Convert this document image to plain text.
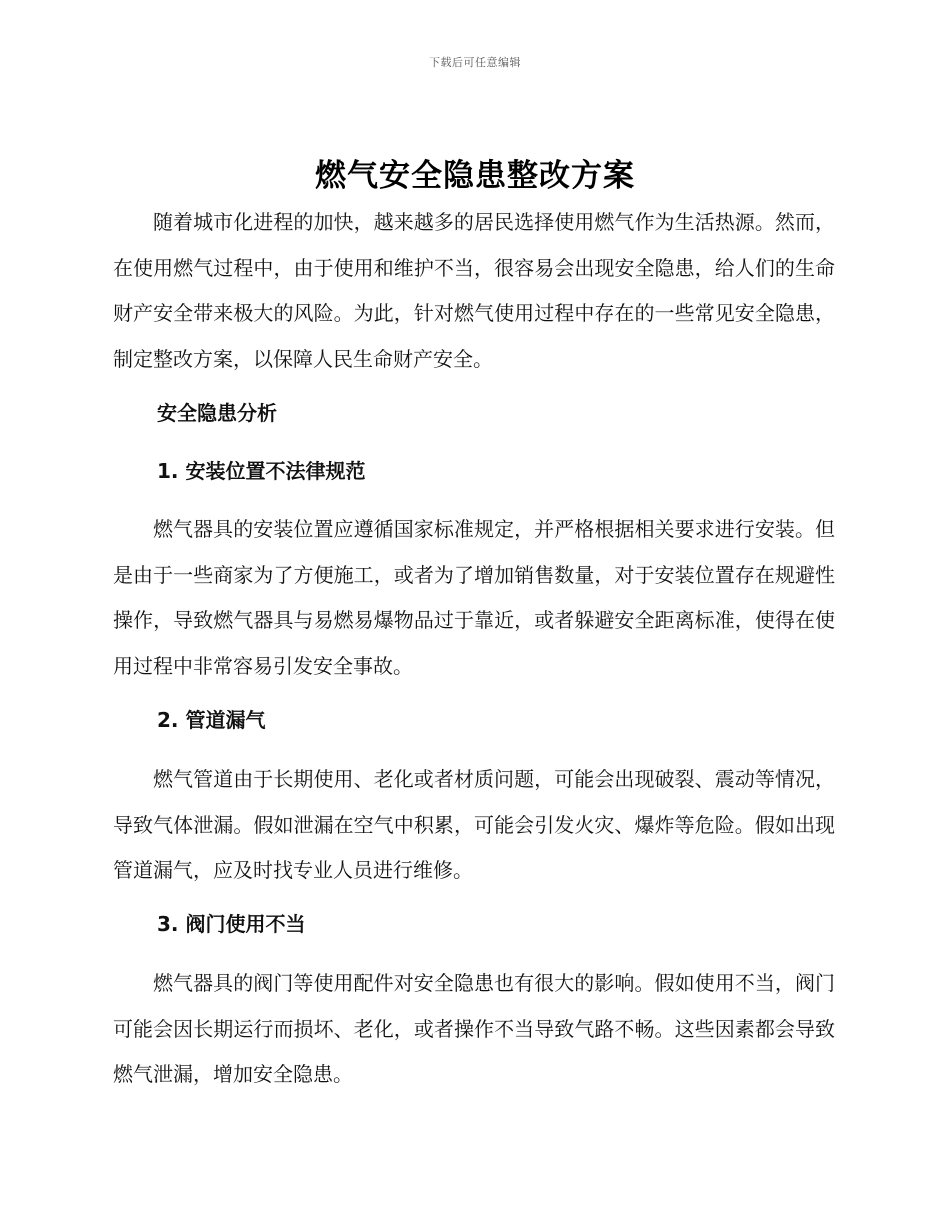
下载后可任意编辑
燃气安全隐患整改方案

随着城市化进程的加快，越来越多的居民选择使用燃气作为生活热源。然而，在使用燃气过程中，由于使用和维护不当，很容易会出现安全隐患，给人们的生命财产安全带来极大的风险。为此，针对燃气使用过程中存在的一些常见安全隐患，制定整改方案，以保障人民生命财产安全。

安全隐患分析
1. 安装位置不法律规范

燃气器具的安装位置应遵循国家标准规定，并严格根据相关要求进行安装。但是由于一些商家为了方便施工，或者为了增加销售数量，对于安装位置存在规避性操作，导致燃气器具与易燃易爆物品过于靠近，或者躲避安全距离标准，使得在使用过程中非常容易引发安全事故。

2. 管道漏气

燃气管道由于长期使用、老化或者材质问题，可能会出现破裂、震动等情况，导致气体泄漏。假如泄漏在空气中积累，可能会引发火灾、爆炸等危险。假如出现管道漏气，应及时找专业人员进行维修。

3. 阀门使用不当

燃气器具的阀门等使用配件对安全隐患也有很大的影响。假如使用不当，阀门可能会因长期运行而损坏、老化，或者操作不当导致气路不畅。这些因素都会导致燃气泄漏，增加安全隐患。
